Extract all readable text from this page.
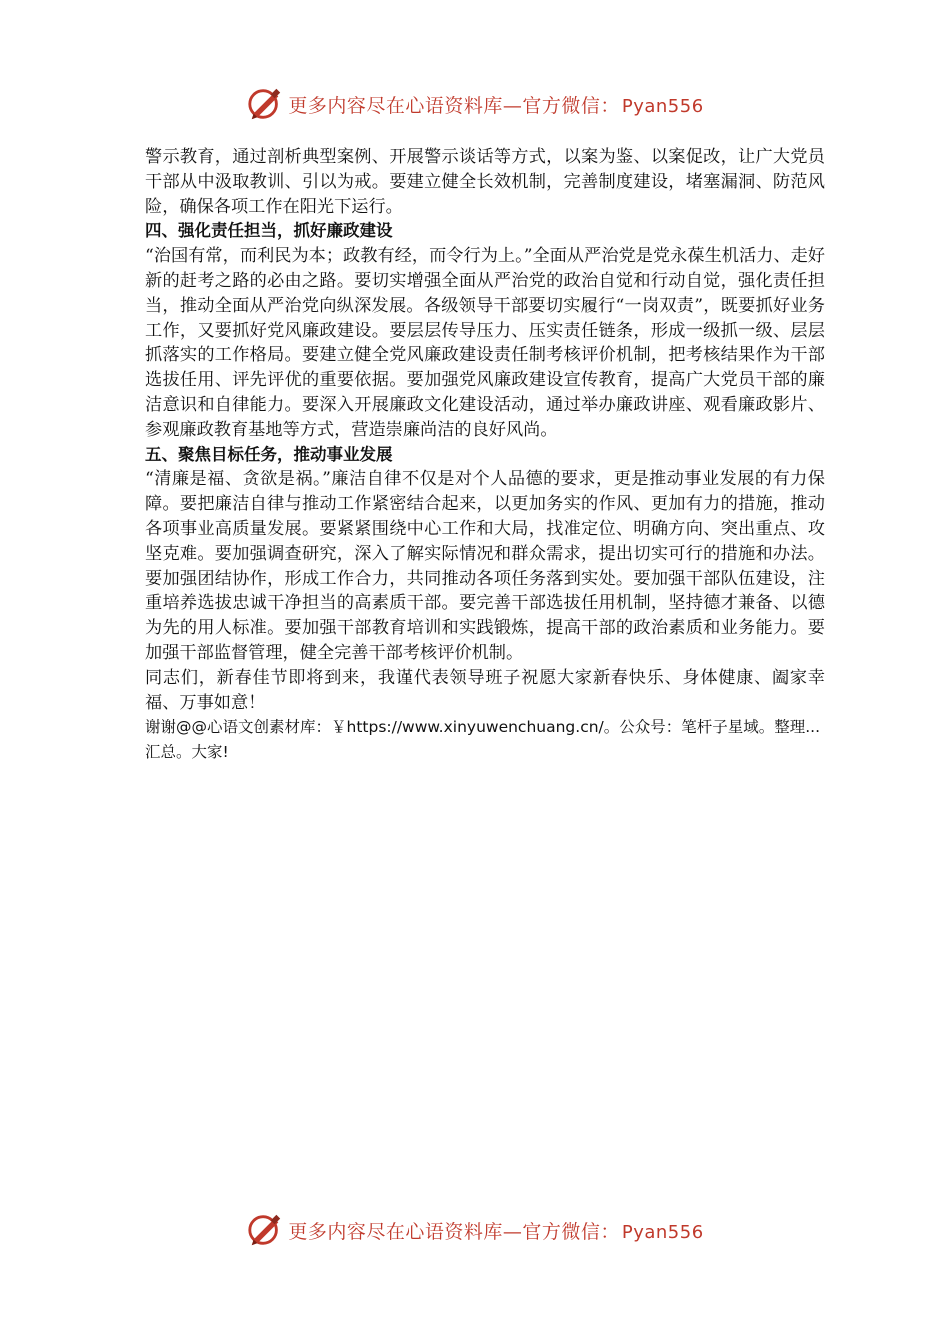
更多内容尽在心语资料库—官方微信： Pyan556

警示教育，通过剖析典型案例、开展警示谈话等方式，以案为鉴、以案促改，让广大党员干部从中汲取教训、引以为戒。要建立健全长效机制，完善制度建设，堵塞漏洞、防范风险，确保各项工作在阳光下运行。

四、强化责任担当，抓好廉政建设

“治国有常，而利民为本；政教有经，而令行为上。”全面从严治党是党永葆生机活力、走好新的赶考之路的必由之路。要切实增强全面从严治党的政治自觉和行动自觉，强化责任担当，推动全面从严治党向纵深发展。各级领导干部要切实履行“一岗双责”，既要抓好业务工作，又要抓好党风廉政建设。要层层传导压力、压实责任链条，形成一级抓一级、层层抓落实的工作格局。要建立健全党风廉政建设责任制考核评价机制，把考核结果作为干部选拔任用、评先评优的重要依据。要加强党风廉政建设宣传教育，提高广大党员干部的廉洁意识和自律能力。要深入开展廉政文化建设活动，通过举办廉政讲座、观看廉政影片、参观廉政教育基地等方式，营造崇廉尚洁的良好风尚。

五、聚焦目标任务，推动事业发展

“清廉是福、贪欲是祸。”廉洁自律不仅是对个人品德的要求，更是推动事业发展的有力保障。要把廉洁自律与推动工作紧密结合起来，以更加务实的作风、更加有力的措施，推动各项事业高质量发展。要紧紧围绕中心工作和大局，找准定位、明确方向、突出重点、攻坚克难。要加强调查研究，深入了解实际情况和群众需求，提出切实可行的措施和办法。要加强团结协作，形成工作合力，共同推动各项任务落到实处。要加强干部队伍建设，注重培养选拔忠诚干净担当的高素质干部。要完善干部选拔任用机制，坚持德才兼备、以德为先的用人标准。要加强干部教育培训和实践锻炼，提高干部的政治素质和业务能力。要加强干部监督管理，健全完善干部考核评价机制。

同志们，新春佳节即将到来，我谨代表领导班子祝愿大家新春快乐、身体健康、阖家幸福、万事如意！

谢谢@@心语文创素材库：￥https://www.xinyuwenchuang.cn/。公众号：笔杆子星域。整理...汇总。大家!

更多内容尽在心语资料库—官方微信： Pyan556
